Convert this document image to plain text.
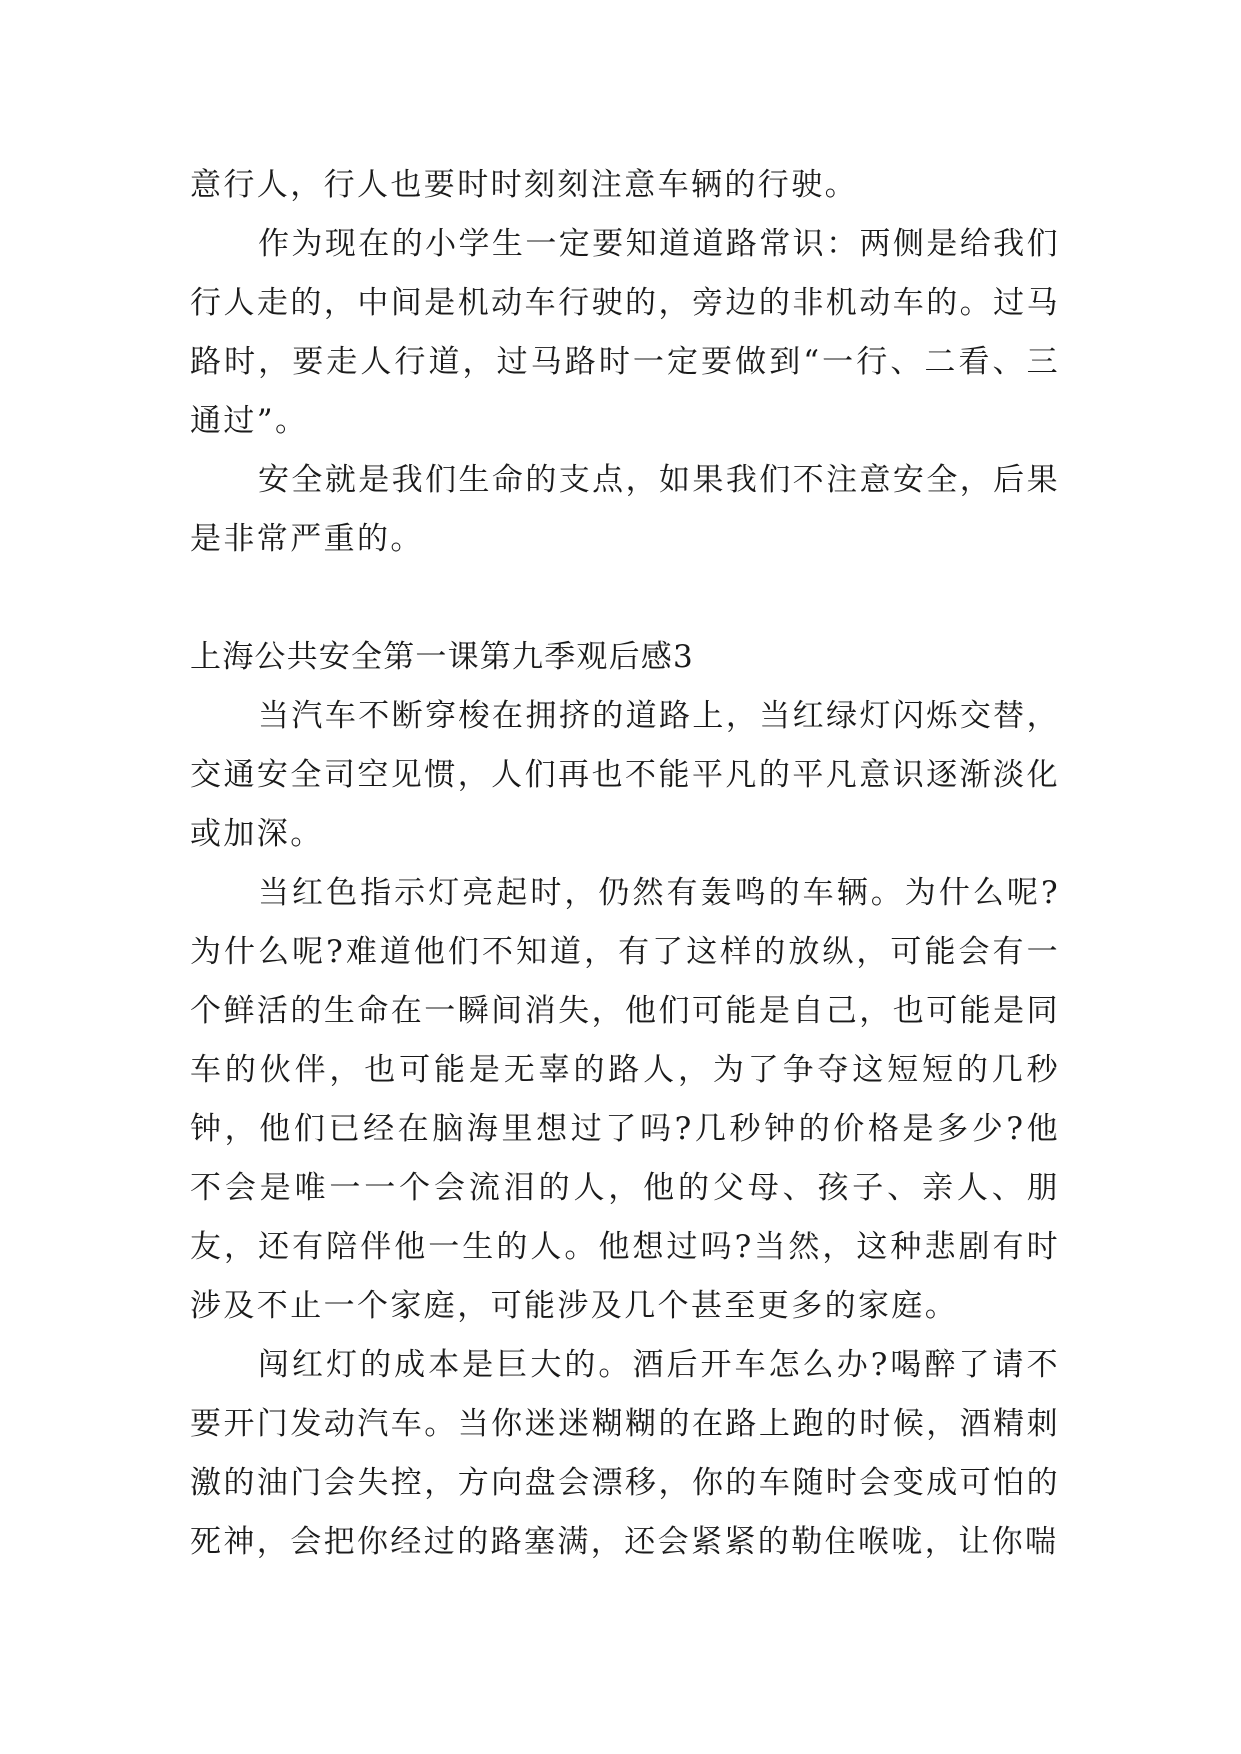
意行人，行人也要时时刻刻注意车辆的行驶。

作为现在的小学生一定要知道道路常识：两侧是给我们行人走的，中间是机动车行驶的，旁边的非机动车的。过马路时，要走人行道，过马路时一定要做到“一行、二看、三通过”。

安全就是我们生命的支点，如果我们不注意安全，后果是非常严重的。

上海公共安全第一课第九季观后感3

当汽车不断穿梭在拥挤的道路上，当红绿灯闪烁交替，交通安全司空见惯，人们再也不能平凡的平凡意识逐渐淡化或加深。

当红色指示灯亮起时，仍然有轰鸣的车辆。为什么呢?为什么呢?难道他们不知道，有了这样的放纵，可能会有一个鲜活的生命在一瞬间消失，他们可能是自己，也可能是同车的伙伴，也可能是无辜的路人，为了争夺这短短的几秒钟，他们已经在脑海里想过了吗?几秒钟的价格是多少?他不会是唯一一个会流泪的人，他的父母、孩子、亲人、朋友，还有陪伴他一生的人。他想过吗?当然，这种悲剧有时涉及不止一个家庭，可能涉及几个甚至更多的家庭。

闯红灯的成本是巨大的。酒后开车怎么办?喝醉了请不要开门发动汽车。当你迷迷糊糊的在路上跑的时候，酒精刺激的油门会失控，方向盘会漂移，你的车随时会变成可怕的死神，会把你经过的路塞满，还会紧紧的勒住喉咙，让你喘
